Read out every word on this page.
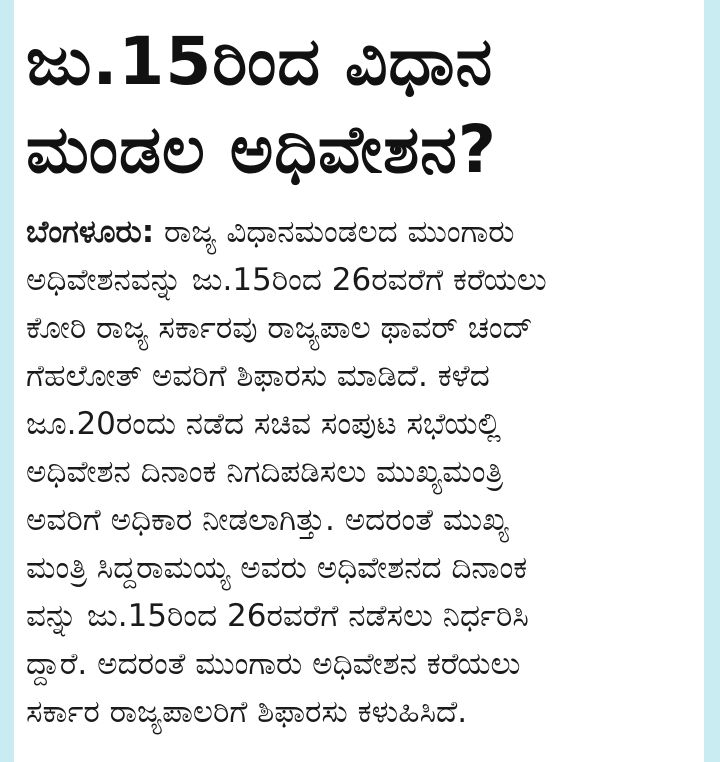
ಜು.15ರಿಂದ ವಿಧಾನ
ಮಂಡಲ ಅಧಿವೇಶನ?
ಬೆಂಗಳೂರು: ರಾಜ್ಯ ವಿಧಾನಮಂಡಲದ ಮುಂಗಾರು
ಅಧಿವೇಶನವನ್ನು ಜು.15ರಿಂದ 26ರವರೆಗೆ ಕರೆಯಲು
ಕೋರಿ ರಾಜ್ಯ ಸರ್ಕಾರವು ರಾಜ್ಯಪಾಲ ಥಾವರ್ ಚಂದ್
ಗೆಹಲೋತ್ ಅವರಿಗೆ ಶಿಫಾರಸು ಮಾಡಿದೆ. ಕಳೆದ
ಜೂ.20ರಂದು ನಡೆದ ಸಚಿವ ಸಂಪುಟ ಸಭೆಯಲ್ಲಿ
ಅಧಿವೇಶನ ದಿನಾಂಕ ನಿಗದಿಪಡಿಸಲು ಮುಖ್ಯಮಂತ್ರಿ
ಅವರಿಗೆ ಅಧಿಕಾರ ನೀಡಲಾಗಿತ್ತು. ಅದರಂತೆ ಮುಖ್ಯ
ಮಂತ್ರಿ ಸಿದ್ದರಾಮಯ್ಯ ಅವರು ಅಧಿವೇಶನದ ದಿನಾಂಕ
ವನ್ನು ಜು.15ರಿಂದ 26ರವರೆಗೆ ನಡೆಸಲು ನಿರ್ಧರಿಸಿ
ದ್ದಾರೆ. ಅದರಂತೆ ಮುಂಗಾರು ಅಧಿವೇಶನ ಕರೆಯಲು
ಸರ್ಕಾರ ರಾಜ್ಯಪಾಲರಿಗೆ ಶಿಫಾರಸು ಕಳುಹಿಸಿದೆ.
